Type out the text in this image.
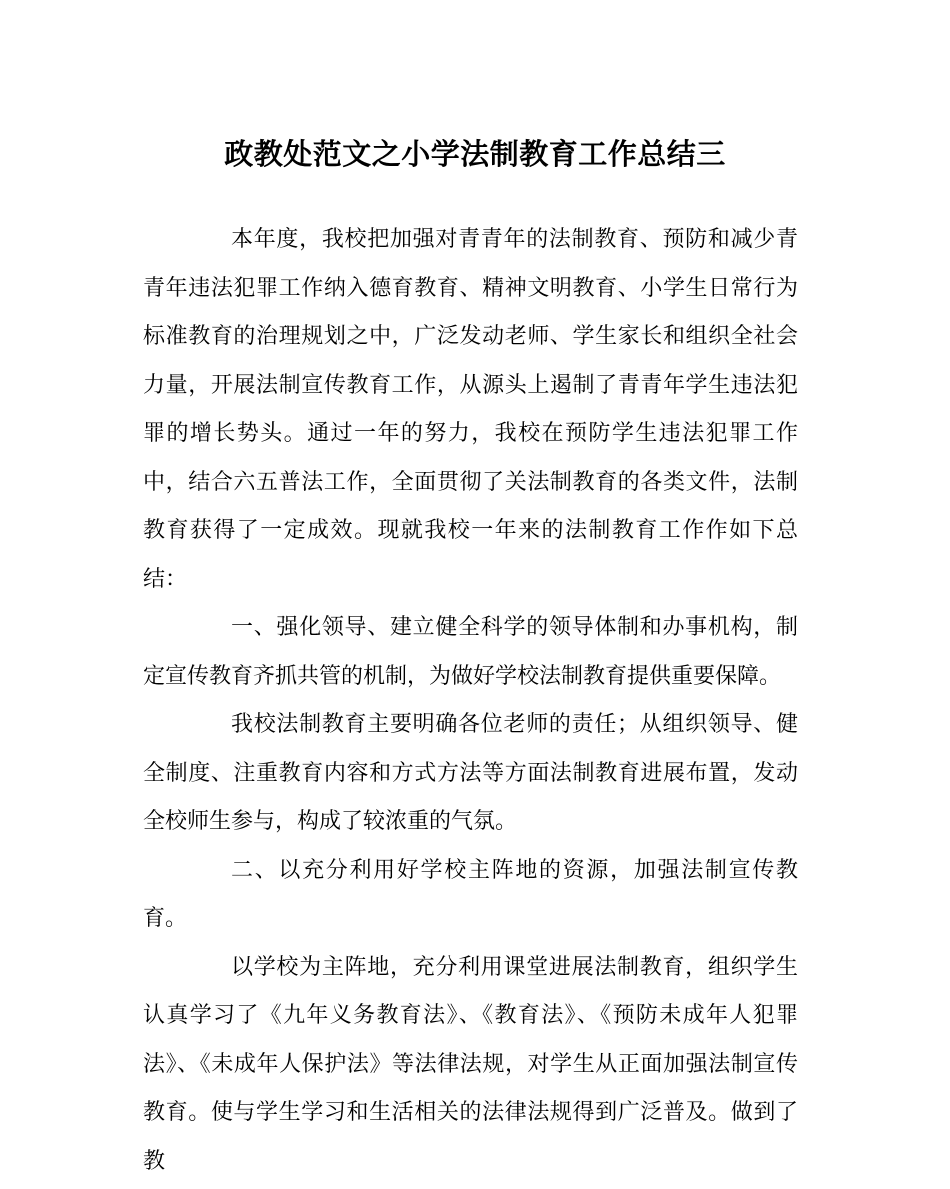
政教处范文之小学法制教育工作总结三

本年度，我校把加强对青青年的法制教育、预防和减少青青年违法犯罪工作纳入德育教育、精神文明教育、小学生日常行为标准教育的治理规划之中，广泛发动老师、学生家长和组织全社会力量，开展法制宣传教育工作，从源头上遏制了青青年学生违法犯罪的增长势头。通过一年的努力，我校在预防学生违法犯罪工作中，结合六五普法工作，全面贯彻了关法制教育的各类文件，法制教育获得了一定成效。现就我校一年来的法制教育工作作如下总结：

一、强化领导、建立健全科学的领导体制和办事机构，制定宣传教育齐抓共管的机制，为做好学校法制教育提供重要保障。

我校法制教育主要明确各位老师的责任；从组织领导、健全制度、注重教育内容和方式方法等方面法制教育进展布置，发动全校师生参与，构成了较浓重的气氛。

二、以充分利用好学校主阵地的资源，加强法制宣传教育。

以学校为主阵地，充分利用课堂进展法制教育，组织学生认真学习了《九年义务教育法》、《教育法》、《预防未成年人犯罪法》、《未成年人保护法》等法律法规，对学生从正面加强法制宣传教育。使与学生学习和生活相关的法律法规得到广泛普及。做到了教
